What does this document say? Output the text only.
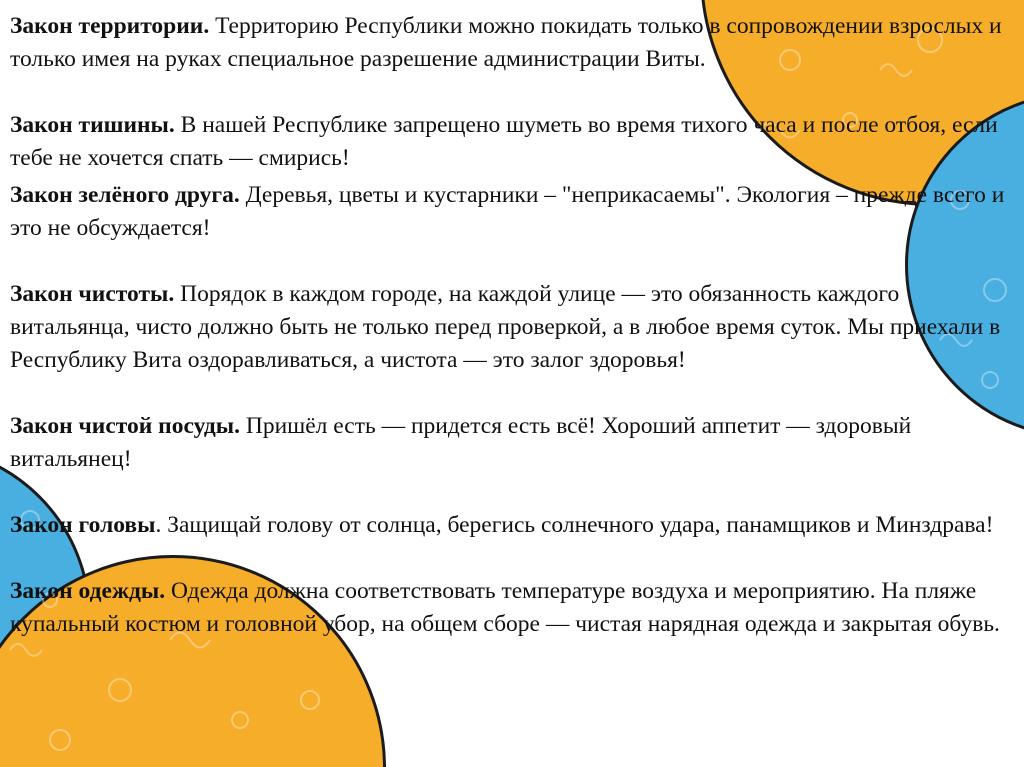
Закон территории. Территорию Республики можно покидать только в сопровождении взрослых и только имея на руках специальное разрешение администрации Виты.

Закон тишины. В нашей Республике запрещено шуметь во время тихого часа и после отбоя, если тебе не хочется спать — смирись!

Закон зелёного друга. Деревья, цветы и кустарники – "неприкасаемы". Экология – прежде всего и это не обсуждается!

Закон чистоты. Порядок в каждом городе, на каждой улице — это обязанность каждого витальянца, чисто должно быть не только перед проверкой, а в любое время суток. Мы приехали в Республику Вита оздоравливаться, а чистота — это залог здоровья!

Закон чистой посуды. Пришёл есть — придется есть всё! Хороший аппетит — здоровый витальянец!

Закон головы. Защищай голову от солнца, берегись солнечного удара, панамщиков и Минздрава!

Закон одежды. Одежда должна соответствовать температуре воздуха и мероприятию. На пляже купальный костюм и головной убор, на общем сборе — чистая нарядная одежда и закрытая обувь.
